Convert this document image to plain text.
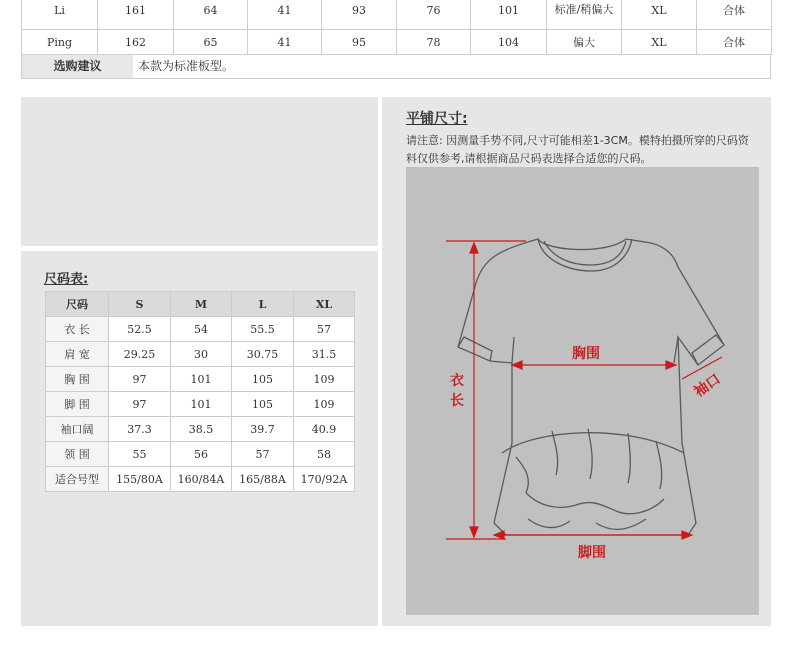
Li	161	64	41	93	76	101	标准/稍偏大	XL	合体
Ping	162	65	41	95	78	104	偏大	XL	合体
选购建议	本款为标准板型。
尺码表:
尺码	S	M	L	XL
衣 长	52.5	54	55.5	57
肩 宽	29.25	30	30.75	31.5
胸 围	97	101	105	109
脚 围	97	101	105	109
袖口阔	37.3	38.5	39.7	40.9
领 围	55	56	57	58
适合号型	155/80A	160/84A	165/88A	170/92A
平铺尺寸:
请注意: 因测量手势不同,尺寸可能相差1-3CM。模特拍摄所穿的尺码资料仅供参考,请根据商品尺码表选择合适您的尺码。
胸围
衣长
袖口
脚围
